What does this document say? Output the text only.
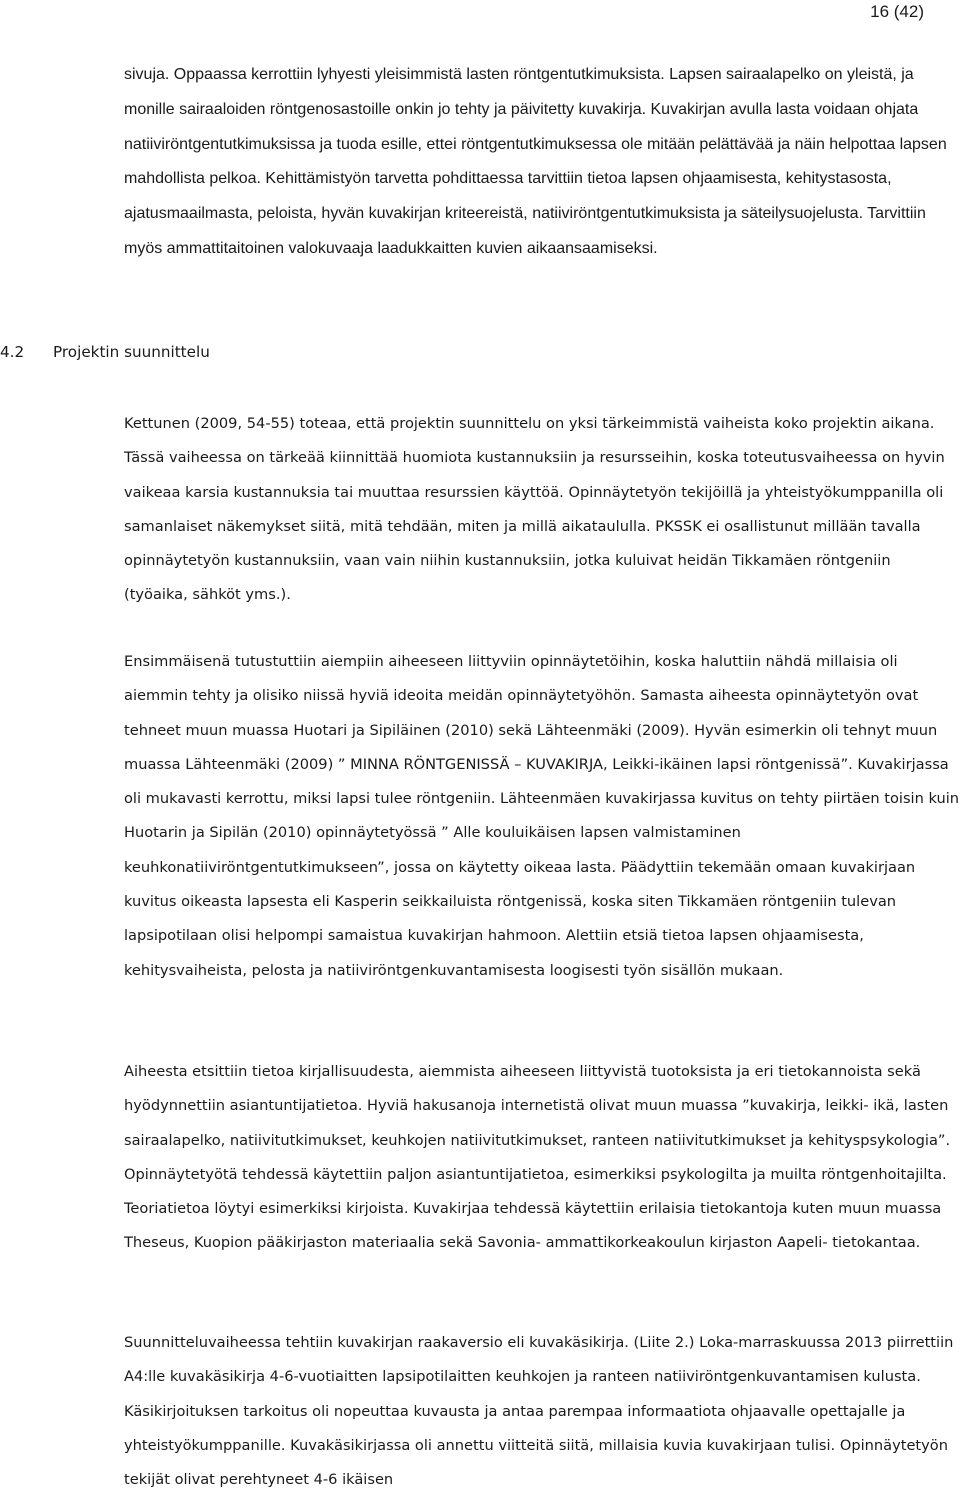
16 (42)

sivuja. Oppaassa kerrottiin lyhyesti yleisimmistä lasten röntgentutkimuksista. Lapsen sairaalapelko on yleistä, ja monille sairaaloiden röntgenosastoille onkin jo tehty ja päivitetty kuvakirja. Kuvakirjan avulla lasta voidaan ohjata natiiviröntgentutkimuksissa ja tuoda esille, ettei röntgentutkimuksessa ole mitään pelättävää ja näin helpottaa lapsen mahdollista pelkoa. Kehittämistyön tarvetta pohdittaessa tarvittiin tietoa lapsen ohjaamisesta, kehitystasosta, ajatusmaailmasta, peloista, hyvän kuvakirjan kriteereistä, natiiviröntgentutkimuksista ja säteilysuojelusta. Tarvittiin myös ammattitaitoinen valokuvaaja laadukkaitten kuvien aikaansaamiseksi.

4.2 Projektin suunnittelu

Kettunen (2009, 54-55) toteaa, että projektin suunnittelu on yksi tärkeimmistä vaiheista koko projektin aikana. Tässä vaiheessa on tärkeää kiinnittää huomiota kustannuksiin ja resursseihin, koska toteutusvaiheessa on hyvin vaikeaa karsia kustannuksia tai muuttaa resurssien käyttöä. Opinnäytetyön tekijöillä ja yhteistyökumppanilla oli samanlaiset näkemykset siitä, mitä tehdään, miten ja millä aikataululla. PKSSK ei osallistunut millään tavalla opinnäytetyön kustannuksiin, vaan vain niihin kustannuksiin, jotka kuluivat heidän Tikkamäen röntgeniin (työaika, sähköt yms.).

Ensimmäisenä tutustuttiin aiempiin aiheeseen liittyviin opinnäytetöihin, koska haluttiin nähdä millaisia oli aiemmin tehty ja olisiko niissä hyviä ideoita meidän opinnäytetyöhön. Samasta aiheesta opinnäytetyön ovat tehneet muun muassa Huotari ja Sipiläinen (2010) sekä Lähteenmäki (2009). Hyvän esimerkin oli tehnyt muun muassa Lähteenmäki (2009) ” MINNA RÖNTGENISSÄ – KUVAKIRJA, Leikki-ikäinen lapsi röntgenissä”. Kuvakirjassa oli mukavasti kerrottu, miksi lapsi tulee röntgeniin. Lähteenmäen kuvakirjassa kuvitus on tehty piirtäen toisin kuin Huotarin ja Sipilän (2010) opinnäytetyössä ” Alle kouluikäisen lapsen valmistaminen keuhkonatiiviröntgentutkimukseen”, jossa on käytetty oikeaa lasta. Päädyttiin tekemään omaan kuvakirjaan kuvitus oikeasta lapsesta eli Kasperin seikkailuista röntgenissä, koska siten Tikkamäen röntgeniin tulevan lapsipotilaan olisi helpompi samaistua kuvakirjan hahmoon. Alettiin etsiä tietoa lapsen ohjaamisesta, kehitysvaiheista, pelosta ja natiiviröntgenkuvantamisesta loogisesti työn sisällön mukaan.

Aiheesta etsittiin tietoa kirjallisuudesta, aiemmista aiheeseen liittyvistä tuotoksista ja eri tietokannoista sekä hyödynnettiin asiantuntijatietoa. Hyviä hakusanoja internetistä olivat muun muassa ”kuvakirja, leikki- ikä, lasten sairaalapelko, natiivitutkimukset, keuhkojen natiivitutkimukset, ranteen natiivitutkimukset ja kehityspsykologia”. Opinnäytetyötä tehdessä käytettiin paljon asiantuntijatietoa, esimerkiksi psykologilta ja muilta röntgenhoitajilta. Teoriatietoa löytyi esimerkiksi kirjoista. Kuvakirjaa tehdessä käytettiin erilaisia tietokantoja kuten muun muassa Theseus, Kuopion pääkirjaston materiaalia sekä Savonia- ammattikorkeakoulun kirjaston Aapeli- tietokantaa.

Suunnitteluvaiheessa tehtiin kuvakirjan raakaversio eli kuvakäsikirja. (Liite 2.) Loka-marraskuussa 2013 piirrettiin A4:lle kuvakäsikirja 4-6-vuotiaitten lapsipotilaitten keuhkojen ja ranteen natiiviröntgenkuvantamisen kulusta. Käsikirjoituksen tarkoitus oli nopeuttaa kuvausta ja antaa parempaa informaatiota ohjaavalle opettajalle ja yhteistyökumppanille. Kuvakäsikirjassa oli annettu viitteitä siitä, millaisia kuvia kuvakirjaan tulisi. Opinnäytetyön tekijät olivat perehtyneet 4-6 ikäisen
